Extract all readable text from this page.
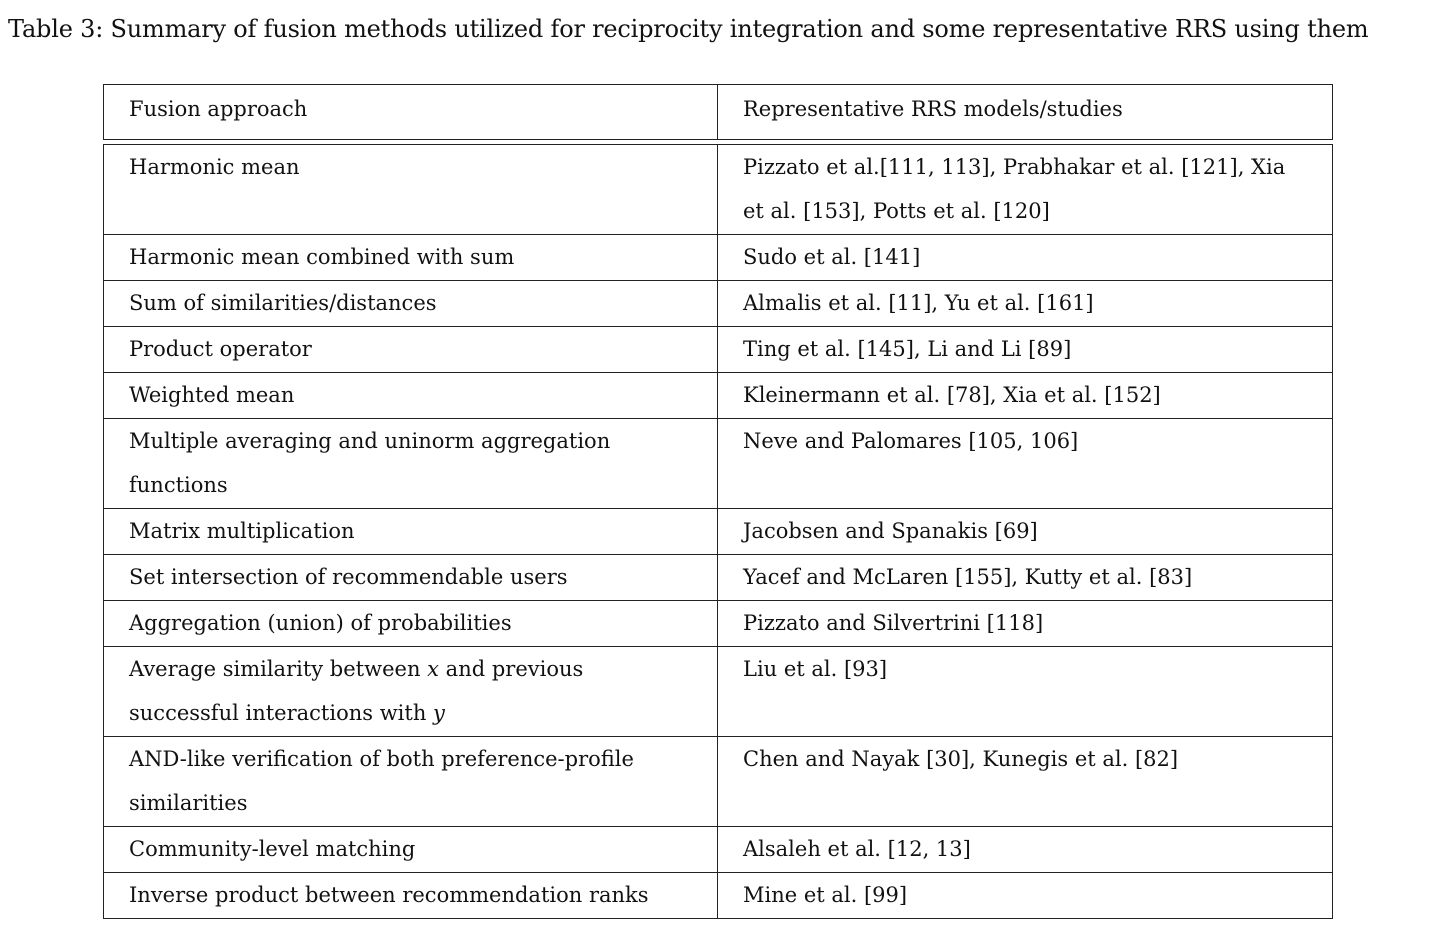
Table 3: Summary of fusion methods utilized for reciprocity integration and some representative RRS using them
Fusion approach	Representative RRS models/studies

Harmonic mean	Pizzato et al.[111, 113], Prabhakar et al. [121], Xia et al. [153], Potts et al. [120]
Harmonic mean combined with sum	Sudo et al. [141]
Sum of similarities/distances	Almalis et al. [11], Yu et al. [161]
Product operator	Ting et al. [145], Li and Li [89]
Weighted mean	Kleinermann et al. [78], Xia et al. [152]
Multiple averaging and uninorm aggregation functions	Neve and Palomares [105, 106]
Matrix multiplication	Jacobsen and Spanakis [69]
Set intersection of recommendable users	Yacef and McLaren [155], Kutty et al. [83]
Aggregation (union) of probabilities	Pizzato and Silvertrini [118]
Average similarity between x and previous successful interactions with y	Liu et al. [93]
AND-like verification of both preference-profile similarities	Chen and Nayak [30], Kunegis et al. [82]
Community-level matching	Alsaleh et al. [12, 13]
Inverse product between recommendation ranks	Mine et al. [99]
